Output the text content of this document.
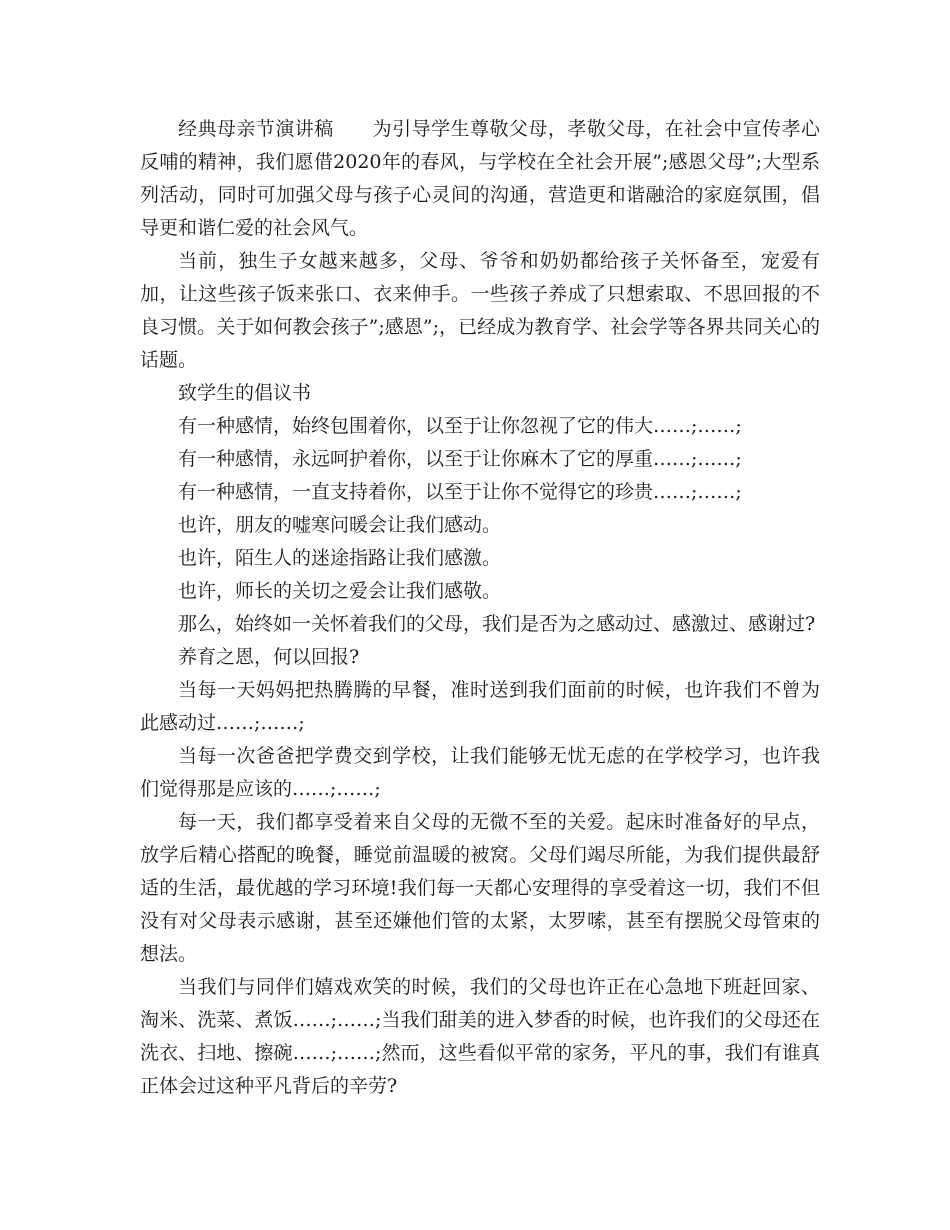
经典母亲节演讲稿　　为引导学生尊敬父母，孝敬父母，在社会中宣传孝心反哺的精神，我们愿借2020年的春风，与学校在全社会开展”;感恩父母”;大型系列活动，同时可加强父母与孩子心灵间的沟通，营造更和谐融洽的家庭氛围，倡导更和谐仁爱的社会风气。

当前，独生子女越来越多，父母、爷爷和奶奶都给孩子关怀备至，宠爱有加，让这些孩子饭来张口、衣来伸手。一些孩子养成了只想索取、不思回报的不良习惯。关于如何教会孩子”;感恩”;，已经成为教育学、社会学等各界共同关心的话题。

致学生的倡议书

有一种感情，始终包围着你，以至于让你忽视了它的伟大……;……;

有一种感情，永远呵护着你，以至于让你麻木了它的厚重……;……;

有一种感情，一直支持着你，以至于让你不觉得它的珍贵……;……;

也许，朋友的嘘寒问暖会让我们感动。

也许，陌生人的迷途指路让我们感激。

也许，师长的关切之爱会让我们感敬。

那么，始终如一关怀着我们的父母，我们是否为之感动过、感激过、感谢过?

养育之恩，何以回报?

当每一天妈妈把热腾腾的早餐，准时送到我们面前的时候，也许我们不曾为此感动过……;……;

当每一次爸爸把学费交到学校，让我们能够无忧无虑的在学校学习，也许我们觉得那是应该的……;……;

每一天，我们都享受着来自父母的无微不至的关爱。起床时准备好的早点，放学后精心搭配的晚餐，睡觉前温暖的被窝。父母们竭尽所能，为我们提供最舒适的生活，最优越的学习环境!我们每一天都心安理得的享受着这一切，我们不但没有对父母表示感谢，甚至还嫌他们管的太紧，太罗嗦，甚至有摆脱父母管束的想法。

当我们与同伴们嬉戏欢笑的时候，我们的父母也许正在心急地下班赶回家、淘米、洗菜、煮饭……;……;当我们甜美的进入梦香的时候，也许我们的父母还在洗衣、扫地、擦碗……;……;然而，这些看似平常的家务，平凡的事，我们有谁真正体会过这种平凡背后的辛劳?
